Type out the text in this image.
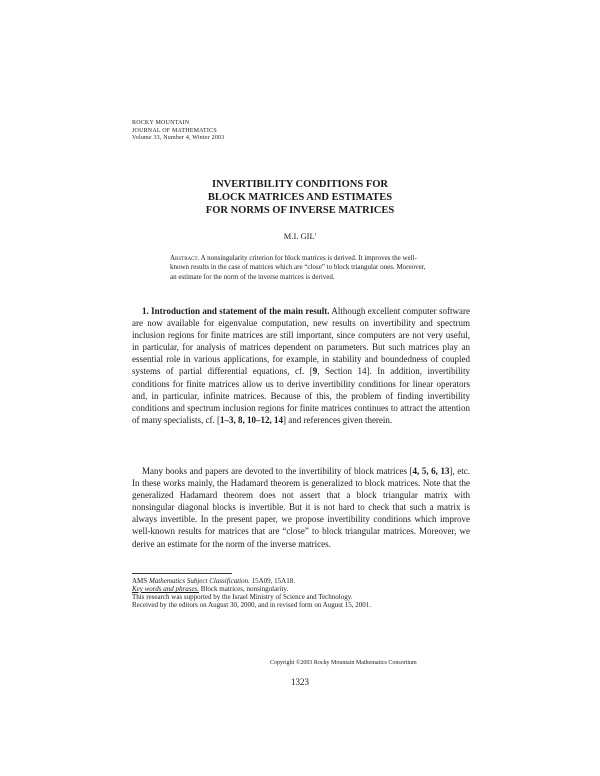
ROCKY MOUNTAIN
JOURNAL OF MATHEMATICS
Volume 33, Number 4, Winter 2003
INVERTIBILITY CONDITIONS FOR
BLOCK MATRICES AND ESTIMATES
FOR NORMS OF INVERSE MATRICES
M.I. GIL'
Abstract. A nonsingularity criterion for block matrices is derived. It improves the well-known results in the case of matrices which are “close” to block triangular ones. Moreover, an estimate for the norm of the inverse matrices is derived.
1. Introduction and statement of the main result. Although excellent computer software are now available for eigenvalue computation, new results on invertibility and spectrum inclusion regions for finite matrices are still important, since computers are not very useful, in particular, for analysis of matrices dependent on parameters. But such matrices play an essential role in various applications, for example, in stability and boundedness of coupled systems of partial differential equations, cf. [9, Section 14]. In addition, invertibility conditions for finite matrices allow us to derive invertibility conditions for linear operators and, in particular, infinite matrices. Because of this, the problem of finding invertibility conditions and spectrum inclusion regions for finite matrices continues to attract the attention of many specialists, cf. [1–3, 8, 10–12, 14] and references given therein.
Many books and papers are devoted to the invertibility of block matrices [4, 5, 6, 13], etc. In these works mainly, the Hadamard theorem is generalized to block matrices. Note that the generalized Hadamard theorem does not assert that a block triangular matrix with nonsingular diagonal blocks is invertible. But it is not hard to check that such a matrix is always invertible. In the present paper, we propose invertibility conditions which improve well-known results for matrices that are “close” to block triangular matrices. Moreover, we derive an estimate for the norm of the inverse matrices.
AMS Mathematics Subject Classification. 15A09, 15A18.
Key words and phrases. Block matrices, nonsingularity.
This research was supported by the Israel Ministry of Science and Technology.
Received by the editors on August 30, 2000, and in revised form on August 15, 2001.
Copyright ©2003 Rocky Mountain Mathematics Consortium
1323
